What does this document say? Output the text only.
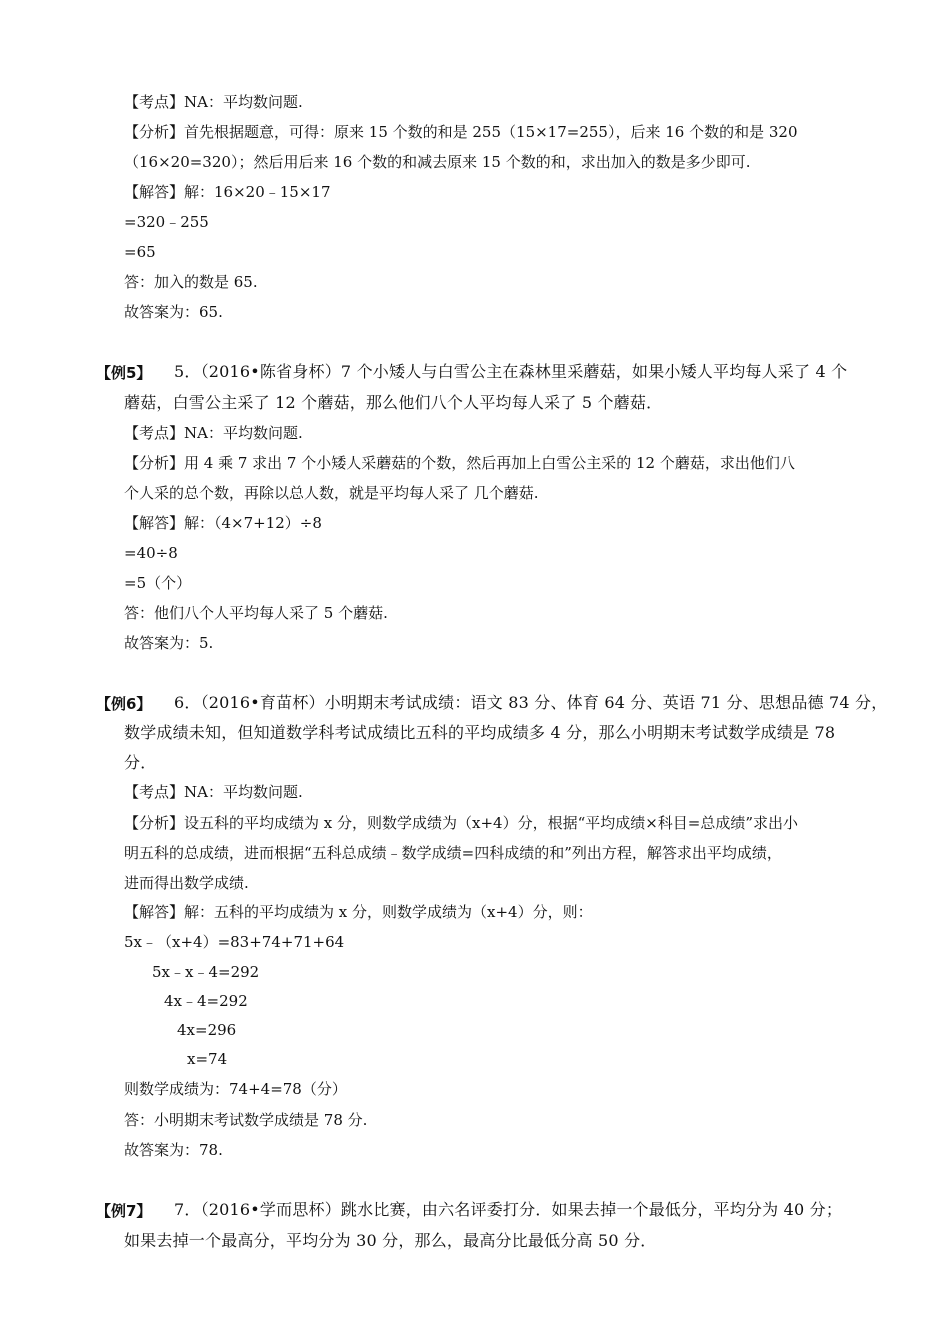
【考点】NA：平均数问题.
【分析】首先根据题意，可得：原来 15 个数的和是 255（15×17=255），后来 16 个数的和是 320
（16×20=320）；然后用后来 16 个数的和减去原来 15 个数的和，求出加入的数是多少即可.
【解答】解：16×20﹣15×17
=320﹣255
=65
答：加入的数是 65.
故答案为：65.
【例5】 5．（2016•陈省身杯）7 个小矮人与白雪公主在森林里采蘑菇，如果小矮人平均每人采了 4 个
蘑菇，白雪公主采了 12 个蘑菇，那么他们八个人平均每人采了 5 个蘑菇．
【考点】NA：平均数问题.
【分析】用 4 乘 7 求出 7 个小矮人采蘑菇的个数，然后再加上白雪公主采的 12 个蘑菇，求出他们八
个人采的总个数，再除以总人数，就是平均每人采了 几个蘑菇.
【解答】解：（4×7+12）÷8
=40÷8
=5（个）
答：他们八个人平均每人采了 5 个蘑菇.
故答案为：5.
【例6】 6．（2016•育苗杯）小明期末考试成绩：语文 83 分、体育 64 分、英语 71 分、思想品德 74 分，
数学成绩未知，但知道数学科考试成绩比五科的平均成绩多 4 分，那么小明期末考试数学成绩是 78
分．
【考点】NA：平均数问题.
【分析】设五科的平均成绩为 x 分，则数学成绩为（x+4）分，根据“平均成绩×科目=总成绩”求出小
明五科的总成绩，进而根据“五科总成绩﹣数学成绩=四科成绩的和”列出方程，解答求出平均成绩，
进而得出数学成绩.
【解答】解：五科的平均成绩为 x 分，则数学成绩为（x+4）分，则：
5x﹣（x+4）=83+74+71+64
5x﹣x﹣4=292
4x﹣4=292
4x=296
x=74
则数学成绩为：74+4=78（分）
答：小明期末考试数学成绩是 78 分.
故答案为：78.
【例7】 7．（2016•学而思杯）跳水比赛，由六名评委打分．如果去掉一个最低分，平均分为 40 分；
如果去掉一个最高分，平均分为 30 分，那么，最高分比最低分高 50 分．
